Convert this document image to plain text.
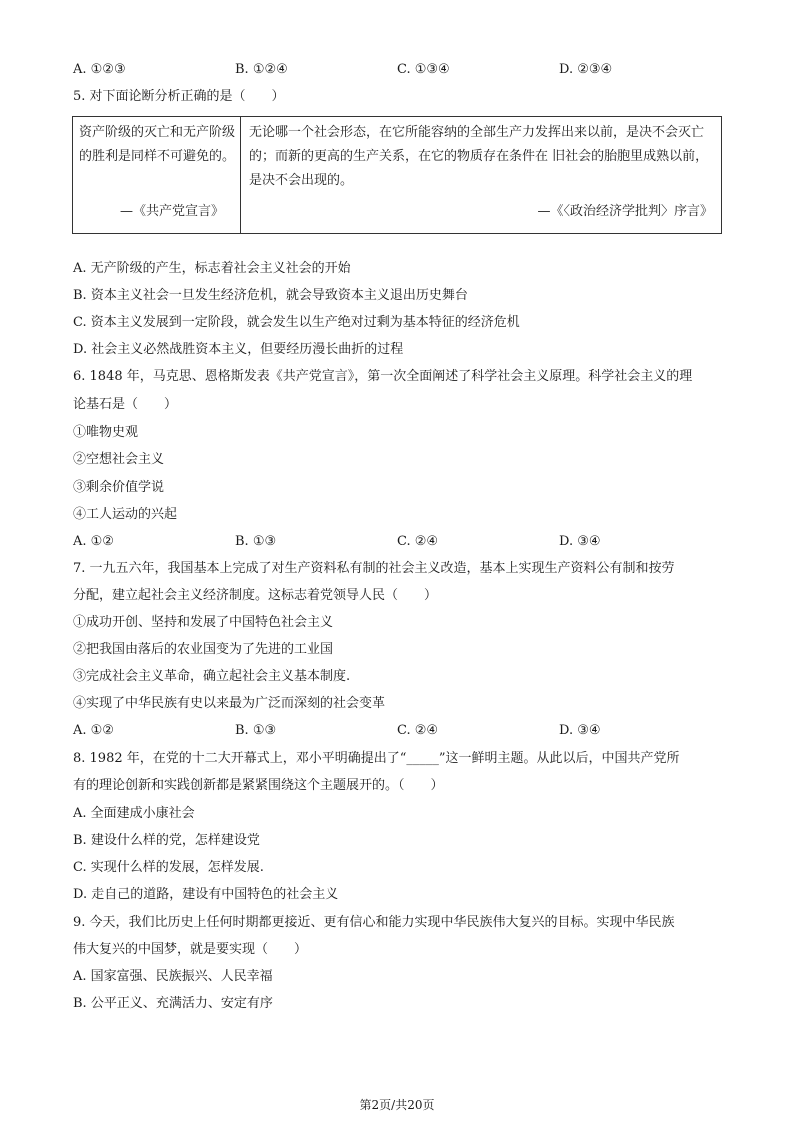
A. ①②③	B. ①②④	C. ①③④	D. ②③④
5. 对下面论断分析正确的是（　　）
资产阶级的灭亡和无产阶级的胜利是同样不可避免的。
—《共产党宣言》
无论哪一个社会形态，在它所能容纳的全部生产力发挥出来以前，是决不会灭亡的；而新的更高的生产关系，在它的物质存在条件在 旧社会的胎胞里成熟以前，是决不会出现的。
—《〈政治经济学批判〉序言》
A. 无产阶级的产生，标志着社会主义社会的开始
B. 资本主义社会一旦发生经济危机，就会导致资本主义退出历史舞台
C. 资本主义发展到一定阶段，就会发生以生产绝对过剩为基本特征的经济危机
D. 社会主义必然战胜资本主义，但要经历漫长曲折的过程
6. 1848 年，马克思、恩格斯发表《共产党宣言》，第一次全面阐述了科学社会主义原理。科学社会主义的理
论基石是（　　）
①唯物史观
②空想社会主义
③剩余价值学说
④工人运动的兴起
A. ①②	B. ①③	C. ②④	D. ③④
7. 一九五六年，我国基本上完成了对生产资料私有制的社会主义改造，基本上实现生产资料公有制和按劳
分配，建立起社会主义经济制度。这标志着党领导人民（　　）
①成功开创、坚持和发展了中国特色社会主义
②把我国由落后的农业国变为了先进的工业国
③完成社会主义革命，确立起社会主义基本制度.
④实现了中华民族有史以来最为广泛而深刻的社会变革
A. ①②	B. ①③	C. ②④	D. ③④
8. 1982 年，在党的十二大开幕式上，邓小平明确提出了“_____”这一鲜明主题。从此以后，中国共产党所
有的理论创新和实践创新都是紧紧围绕这个主题展开的。（　　）
A. 全面建成小康社会
B. 建设什么样的党，怎样建设党
C. 实现什么样的发展，怎样发展.
D. 走自己的道路，建设有中国特色的社会主义
9. 今天，我们比历史上任何时期都更接近、更有信心和能力实现中华民族伟大复兴的目标。实现中华民族
伟大复兴的中国梦，就是要实现（　　）
A. 国家富强、民族振兴、人民幸福
B. 公平正义、充满活力、安定有序
第2页/共20页
